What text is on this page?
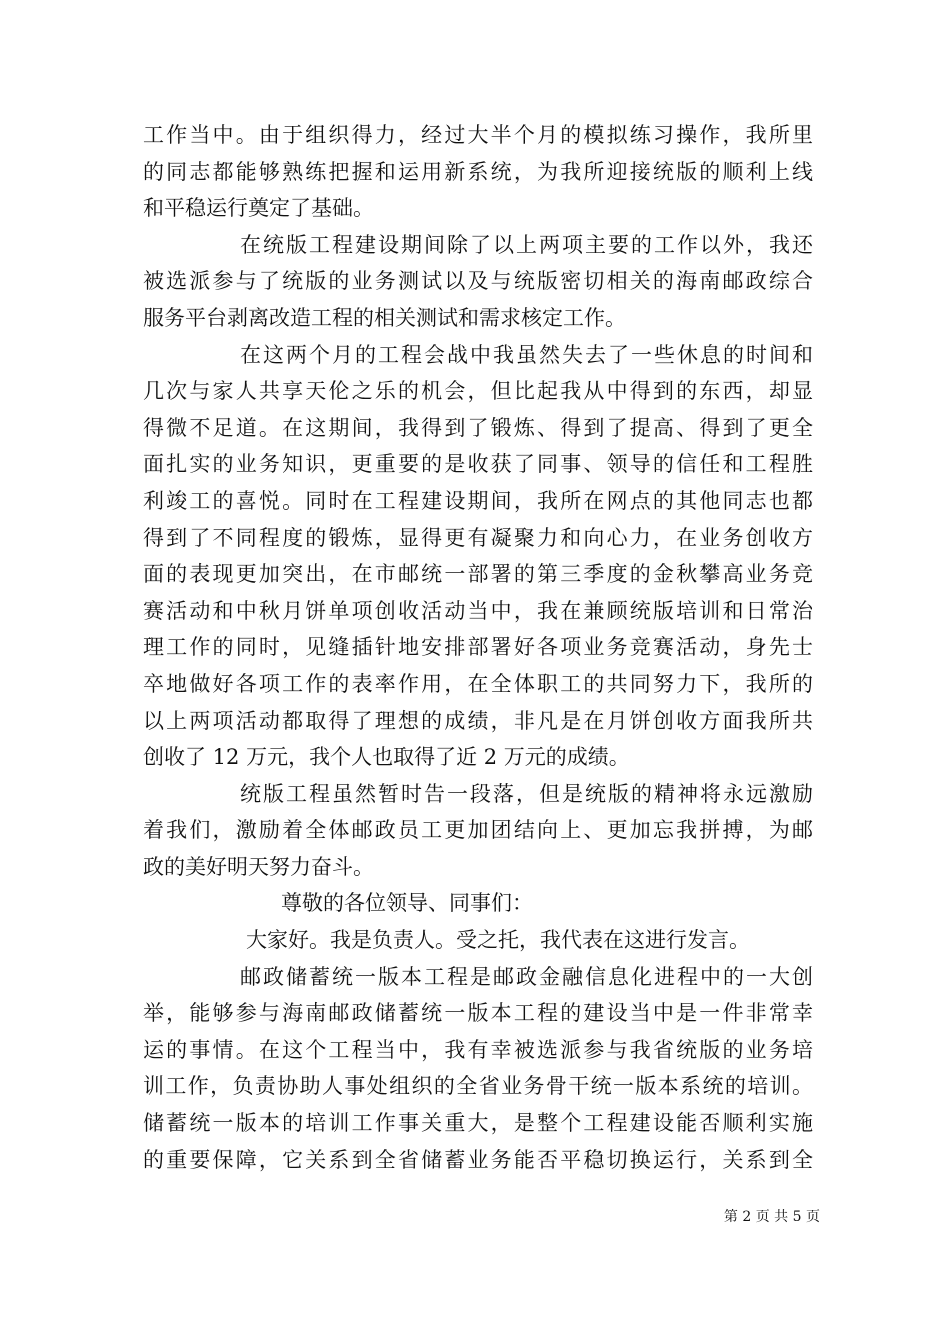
工作当中。由于组织得力，经过大半个月的模拟练习操作，我所里
的同志都能够熟练把握和运用新系统，为我所迎接统版的顺利上线
和平稳运行奠定了基础。
在统版工程建设期间除了以上两项主要的工作以外，我还
被选派参与了统版的业务测试以及与统版密切相关的海南邮政综合
服务平台剥离改造工程的相关测试和需求核定工作。
在这两个月的工程会战中我虽然失去了一些休息的时间和
几次与家人共享天伦之乐的机会，但比起我从中得到的东西，却显
得微不足道。在这期间，我得到了锻炼、得到了提高、得到了更全
面扎实的业务知识，更重要的是收获了同事、领导的信任和工程胜
利竣工的喜悦。同时在工程建设期间，我所在网点的其他同志也都
得到了不同程度的锻炼，显得更有凝聚力和向心力，在业务创收方
面的表现更加突出，在市邮统一部署的第三季度的金秋攀高业务竞
赛活动和中秋月饼单项创收活动当中，我在兼顾统版培训和日常治
理工作的同时，见缝插针地安排部署好各项业务竞赛活动，身先士
卒地做好各项工作的表率作用，在全体职工的共同努力下，我所的
以上两项活动都取得了理想的成绩，非凡是在月饼创收方面我所共
创收了 12 万元，我个人也取得了近 2 万元的成绩。
统版工程虽然暂时告一段落，但是统版的精神将永远激励
着我们，激励着全体邮政员工更加团结向上、更加忘我拼搏，为邮
政的美好明天努力奋斗。
尊敬的各位领导、同事们：
大家好。我是负责人。受之托，我代表在这进行发言。
邮政储蓄统一版本工程是邮政金融信息化进程中的一大创
举，能够参与海南邮政储蓄统一版本工程的建设当中是一件非常幸
运的事情。在这个工程当中，我有幸被选派参与我省统版的业务培
训工作，负责协助人事处组织的全省业务骨干统一版本系统的培训。
储蓄统一版本的培训工作事关重大，是整个工程建设能否顺利实施
的重要保障，它关系到全省储蓄业务能否平稳切换运行，关系到全
第 2 页 共 5 页
